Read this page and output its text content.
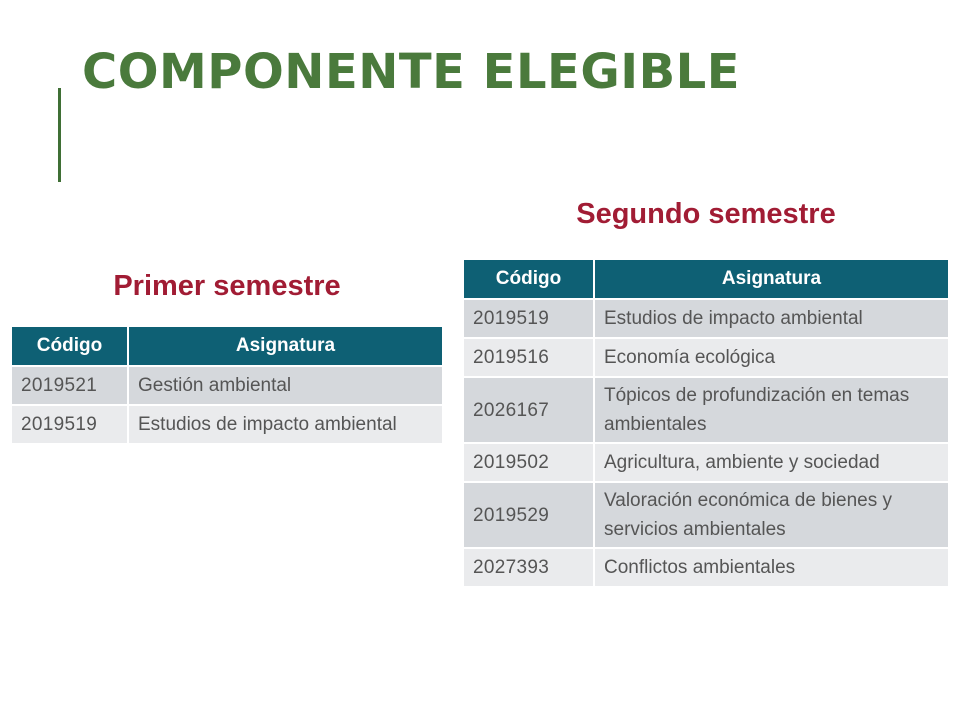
COMPONENTE ELEGIBLE
Primer semestre
Código	Asignatura
2019521	Gestión ambiental
2019519	Estudios de impacto ambiental
Segundo semestre
Código	Asignatura
2019519	Estudios de impacto ambiental
2019516	Economía ecológica
2026167	Tópicos de profundización en temas ambientales
2019502	Agricultura, ambiente y sociedad
2019529	Valoración económica de bienes y servicios ambientales
2027393	Conflictos ambientales
